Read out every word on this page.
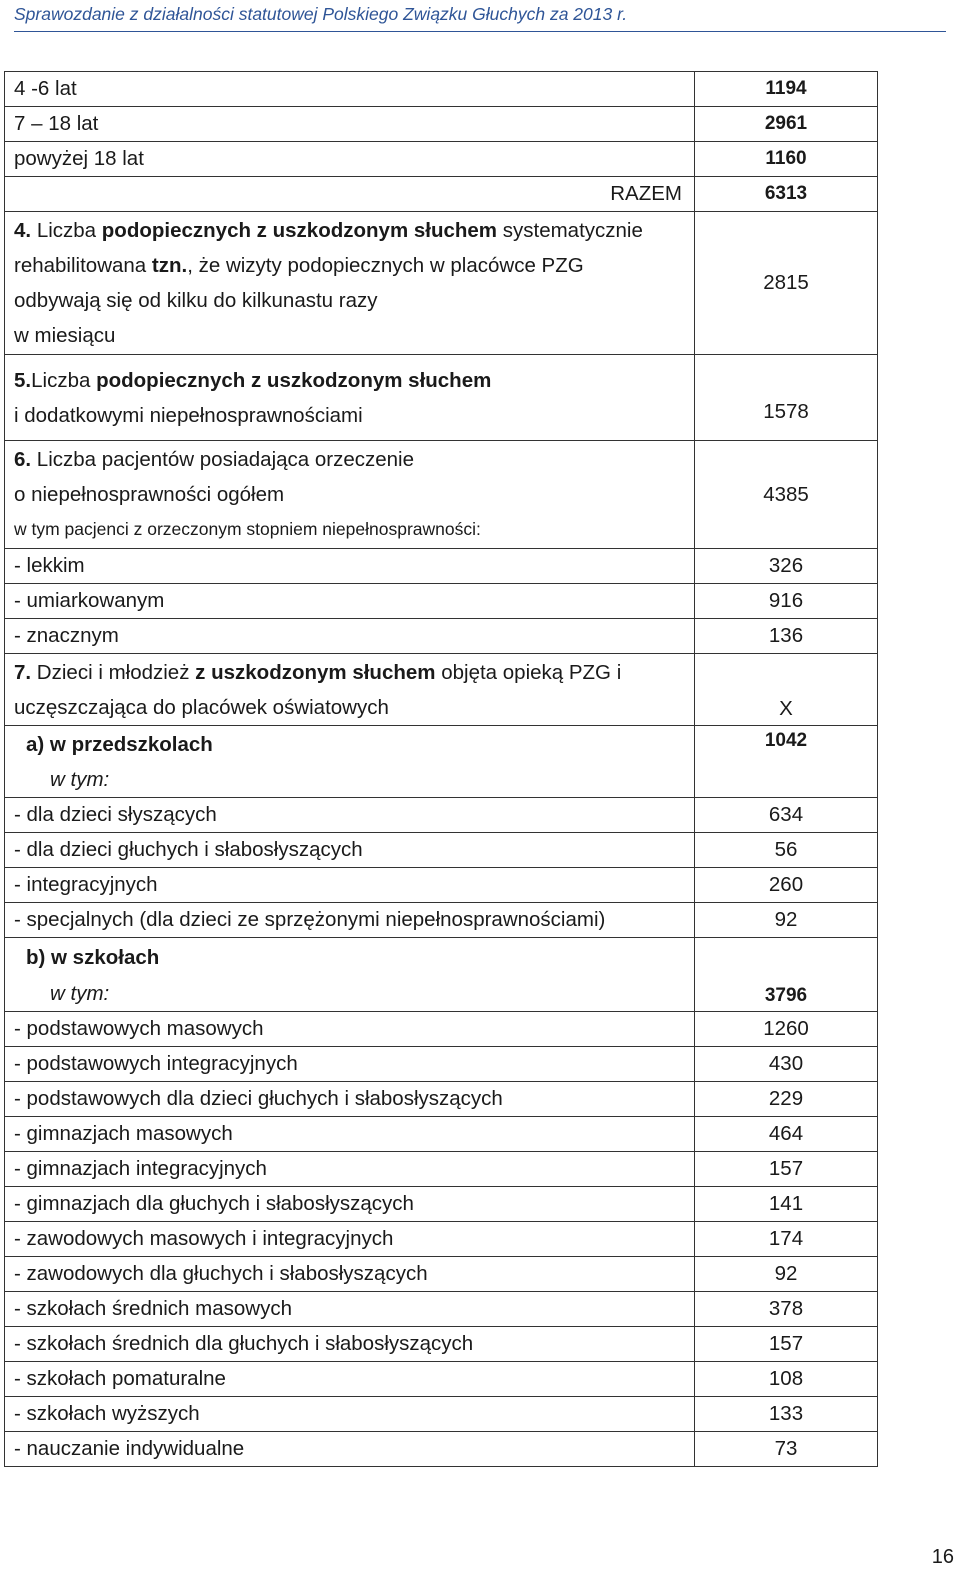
Sprawozdanie z działalności statutowej Polskiego Związku Głuchych za 2013 r.
4 -6 lat	1194
7 – 18 lat	2961
powyżej 18 lat	1160
RAZEM	6313

4. Liczba podopiecznych z uszkodzonym słuchem systematycznie
rehabilitowana tzn., że wizyty podopiecznych w placówce PZG
odbywają się od kilku do kilkunastu razy
w miesiącu	2815

5.Liczba podopiecznych z uszkodzonym słuchem
i dodatkowymi niepełnosprawnościami	1578

6. Liczba pacjentów posiadająca orzeczenie
o niepełnosprawności ogółem
w tym pacjenci z orzeczonym stopniem niepełnosprawności:	4385
- lekkim	326
- umiarkowanym	916
- znacznym	136

7. Dzieci i młodzież z uszkodzonym słuchem objęta opieką PZG i
uczęszczająca do placówek oświatowych	X

a) w przedszkolach
w tym:	1042
- dla dzieci słyszących	634
- dla dzieci głuchych i słabosłyszących	56
- integracyjnych	260
- specjalnych (dla dzieci ze sprzężonymi niepełnosprawnościami)	92

b) w szkołach
w tym:	3796
- podstawowych masowych	1260
- podstawowych integracyjnych	430
- podstawowych dla dzieci głuchych i słabosłyszących	229
- gimnazjach masowych	464
- gimnazjach integracyjnych	157
- gimnazjach dla głuchych i słabosłyszących	141
- zawodowych masowych i integracyjnych	174
- zawodowych dla głuchych i słabosłyszących	92
- szkołach średnich masowych	378
- szkołach średnich dla głuchych i słabosłyszących	157
- szkołach pomaturalne	108
- szkołach wyższych	133
- nauczanie indywidualne	73
16
